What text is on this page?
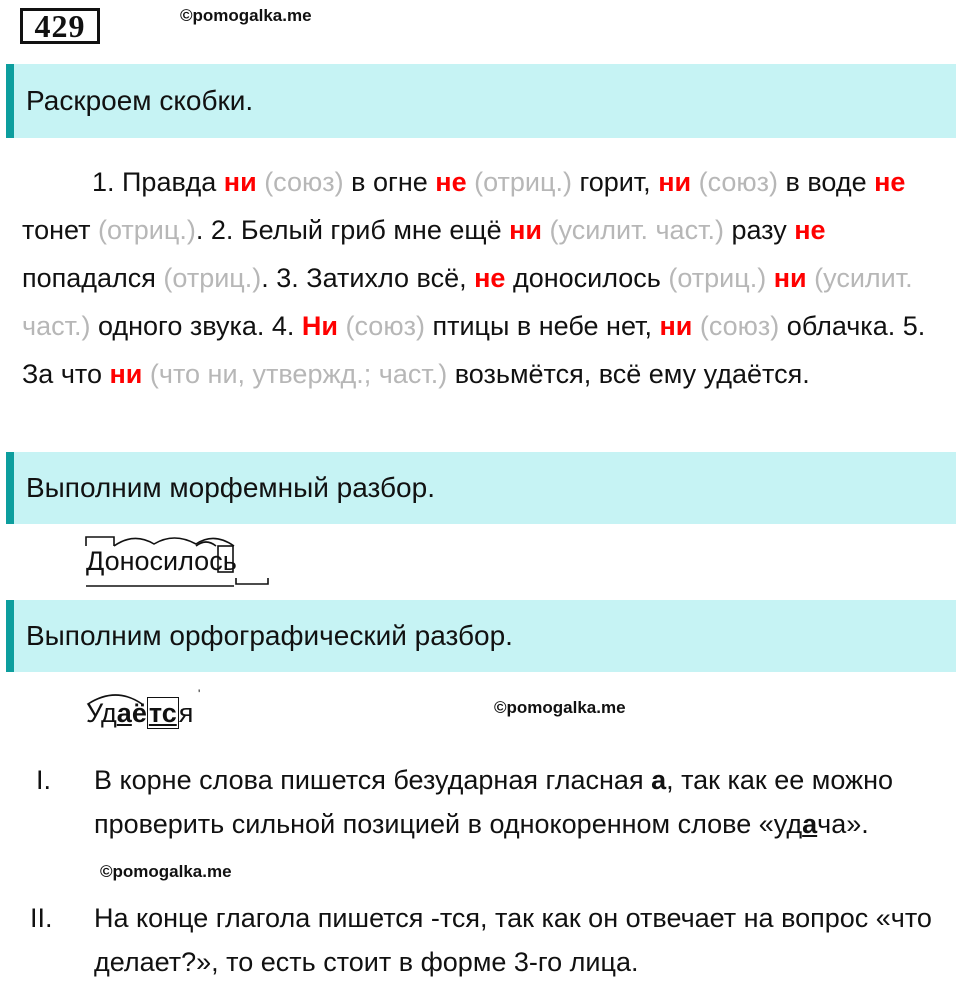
429	©pomogalka.me
Раскроем скобки.
1. Правда ни (союз) в огне не (отриц.) горит, ни (союз) в воде не тонет (отриц.). 2. Белый гриб мне ещё ни (усилит. част.) разу не попадался (отриц.). 3. Затихло всё, не доносилось (отриц.) ни (усилит. част.) одного звука. 4. Ни (союз) птицы в небе нет, ни (союз) облачка. 5. За что ни (что ни, утвержд.; част.) возьмётся, всё ему удаётся.
Выполним морфемный разбор.
Доносилось
Выполним орфографический разбор.
Удаётся
'
©pomogalka.me
I. В корне слова пишется безударная гласная а, так как ее можно проверить сильной позицией в однокоренном слове «удача». ©pomogalka.me
II. На конце глагола пишется -тся, так как он отвечает на вопрос «что делает?», то есть стоит в форме 3-го лица.
